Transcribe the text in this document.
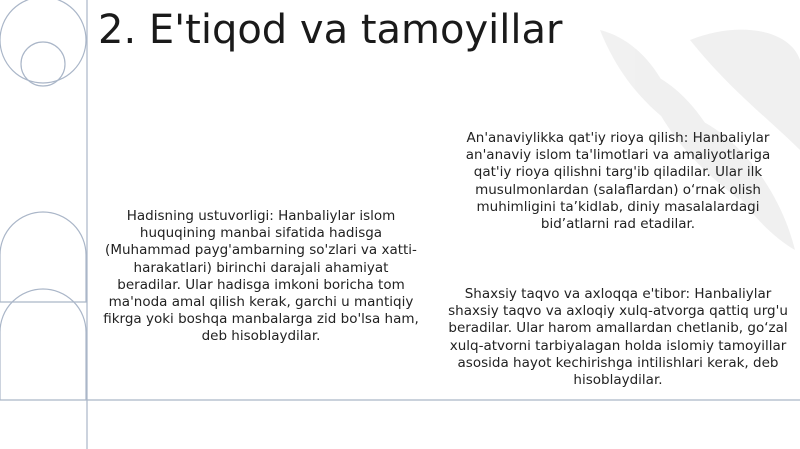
2. E'tiqod va tamoyillar

Hadisning ustuvorligi: Hanbaliylar islom huquqining manbai sifatida hadisga (Muhammad payg'ambarning so'zlari va xatti-harakatlari) birinchi darajali ahamiyat beradilar. Ular hadisga imkoni boricha tom ma'noda amal qilish kerak, garchi u mantiqiy fikrga yoki boshqa manbalarga zid bo'lsa ham, deb hisoblaydilar.

An'anaviylikka qat'iy rioya qilish: Hanbaliylar an'anaviy islom ta'limotlari va amaliyotlariga qat'iy rioya qilishni targ'ib qiladilar. Ular ilk musulmonlardan (salaflardan) o‘rnak olish muhimligini ta’kidlab, diniy masalalardagi bid’atlarni rad etadilar.

Shaxsiy taqvo va axloqqa e'tibor: Hanbaliylar shaxsiy taqvo va axloqiy xulq-atvorga qattiq urg'u beradilar. Ular harom amallardan chetlanib, go‘zal xulq-atvorni tarbiyalagan holda islomiy tamoyillar asosida hayot kechirishga intilishlari kerak, deb hisoblaydilar.
